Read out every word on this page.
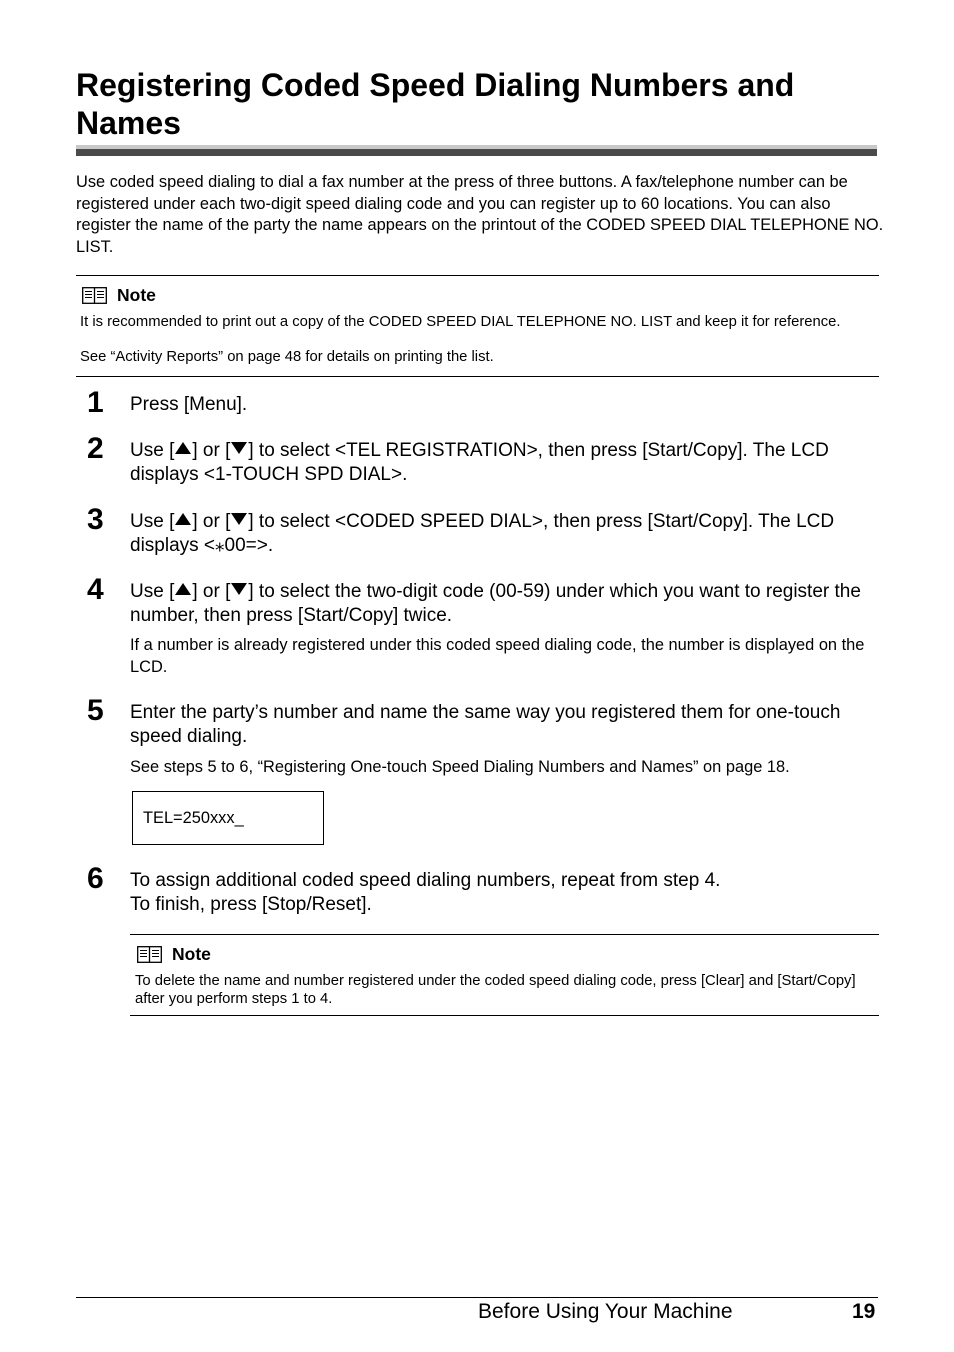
Registering Coded Speed Dialing Numbers and Names

Use coded speed dialing to dial a fax number at the press of three buttons. A fax/telephone number can be registered under each two-digit speed dialing code and you can register up to 60 locations. You can also register the name of the party the name appears on the printout of the CODED SPEED DIAL TELEPHONE NO. LIST.

Note

It is recommended to print out a copy of the CODED SPEED DIAL TELEPHONE NO. LIST and keep it for reference.

See “Activity Reports” on page 48 for details on printing the list.

1 Press [Menu].

2 Use [ ] or [ ] to select <TEL REGISTRATION>, then press [Start/Copy]. The LCD displays <1-TOUCH SPD DIAL>.

3 Use [ ] or [ ] to select <CODED SPEED DIAL>, then press [Start/Copy]. The LCD displays <⁎00=>.

4 Use [ ] or [ ] to select the two-digit code (00-59) under which you want to register the number, then press [Start/Copy] twice.

If a number is already registered under this coded speed dialing code, the number is displayed on the LCD.

5 Enter the party’s number and name the same way you registered them for one-touch speed dialing.

See steps 5 to 6, “Registering One-touch Speed Dialing Numbers and Names” on page 18.

TEL=250xxx_
6 To assign additional coded speed dialing numbers, repeat from step 4.

To finish, press [Stop/Reset].

Note

To delete the name and number registered under the coded speed dialing code, press [Clear] and [Start/Copy] after you perform steps 1 to 4.

Before Using Your Machine	19
